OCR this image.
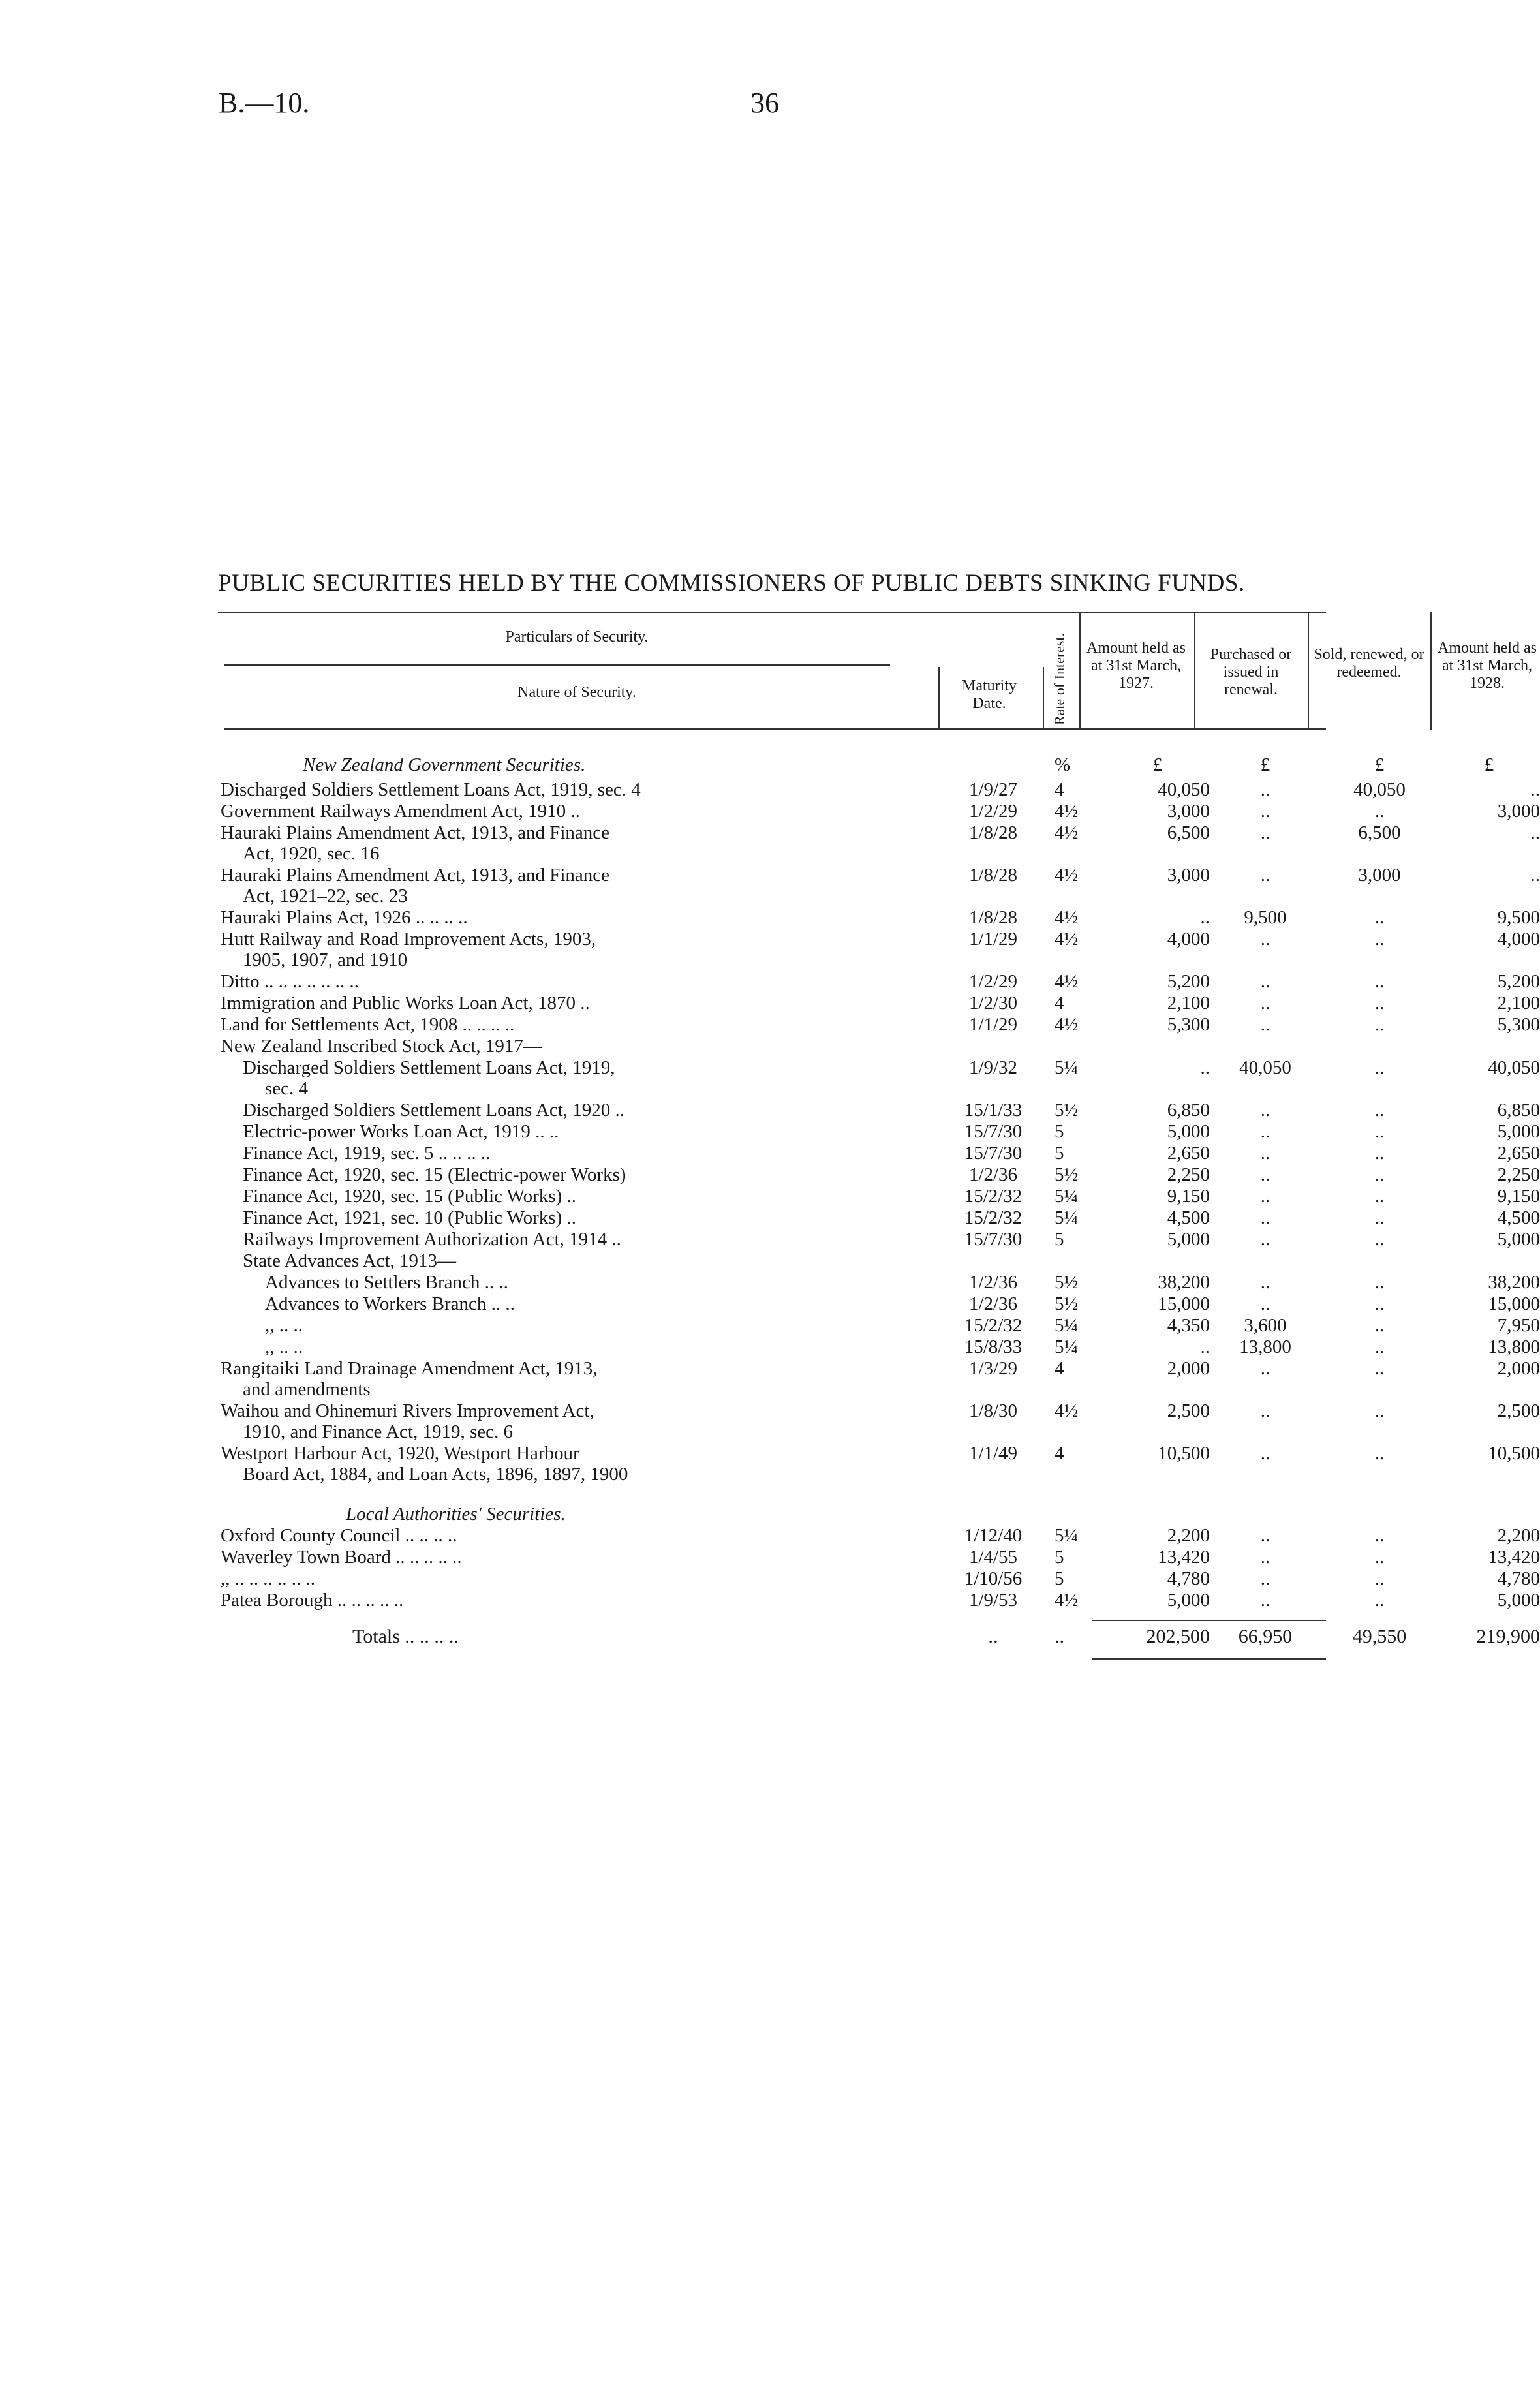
B.—10.	36
PUBLIC SECURITIES HELD BY THE COMMISSIONERS OF PUBLIC DEBTS SINKING FUNDS.
Particulars of Security.
Nature of Security.	Maturity Date.	Rate of Interest. Amount held as at 31st March, 1927.
Purchased or issued in renewal.
Sold, renewed, or redeemed.
Amount held as at 31st March, 1928.
New Zealand Government Securities.	%	£	£	£	£
Discharged Soldiers Settlement Loans Act, 1919, sec. 4	1/9/27	4	40,050	..	40,050	..
Government Railways Amendment Act, 1910 ..	1/2/29	4½	3,000	..	..	3,000
Hauraki Plains Amendment Act, 1913, and Finance
Act, 1920, sec. 16
1/8/28	4½	6,500	..	6,500	..
Hauraki Plains Amendment Act, 1913, and Finance
Act, 1921–22, sec. 23
1/8/28	4½	3,000	..	3,000	..
Hauraki Plains Act, 1926 .. .. .. ..	1/8/28	4½	..	9,500	..	9,500
Hutt Railway and Road Improvement Acts, 1903,
1905, 1907, and 1910
1/1/29	4½	4,000	..	..	4,000
Ditto .. .. .. .. .. .. ..	1/2/29	4½	5,200	..	..	5,200
Immigration and Public Works Loan Act, 1870 ..	1/2/30	4	2,100	..	..	2,100
Land for Settlements Act, 1908 .. .. .. ..	1/1/29	4½	5,300	..	..	5,300
New Zealand Inscribed Stock Act, 1917—
Discharged Soldiers Settlement Loans Act, 1919,
sec. 4
1/9/32	5¼	..	40,050	..	40,050
Discharged Soldiers Settlement Loans Act, 1920 ..	15/1/33	5½	6,850	..	..	6,850
Electric-power Works Loan Act, 1919 .. ..	15/7/30	5	5,000	..	..	5,000
Finance Act, 1919, sec. 5 .. .. .. ..	15/7/30	5	2,650	..	..	2,650
Finance Act, 1920, sec. 15 (Electric-power Works)	1/2/36	5½	2,250	..	..	2,250
Finance Act, 1920, sec. 15 (Public Works) ..	15/2/32	5¼	9,150	..	..	9,150
Finance Act, 1921, sec. 10 (Public Works) ..	15/2/32	5¼	4,500	..	..	4,500
Railways Improvement Authorization Act, 1914 ..	15/7/30	5	5,000	..	..	5,000
State Advances Act, 1913—
Advances to Settlers Branch .. ..	1/2/36	5½	38,200	..	..	38,200
Advances to Workers Branch .. ..	1/2/36	5½	15,000	..	..	15,000
,, .. ..	15/2/32	5¼	4,350	3,600	..	7,950
,, .. ..	15/8/33	5¼	..	13,800	..	13,800
Rangitaiki Land Drainage Amendment Act, 1913,
and amendments
1/3/29	4	2,000	..	..	2,000
Waihou and Ohinemuri Rivers Improvement Act,
1910, and Finance Act, 1919, sec. 6
1/8/30	4½	2,500	..	..	2,500
Westport Harbour Act, 1920, Westport Harbour
Board Act, 1884, and Loan Acts, 1896, 1897, 1900
1/1/49	4	10,500	..	..	10,500
Local Authorities' Securities.
Oxford County Council .. .. .. ..	1/12/40	5¼	2,200	..	..	2,200
Waverley Town Board .. .. .. .. ..	1/4/55	5	13,420	..	..	13,420
,, .. .. .. .. .. ..	1/10/56	5	4,780	..	..	4,780
Patea Borough .. .. .. .. ..	1/9/53	4½	5,000	..	..	5,000
Totals .. .. .. ..	..	..	202,500	66,950	49,550	219,900
